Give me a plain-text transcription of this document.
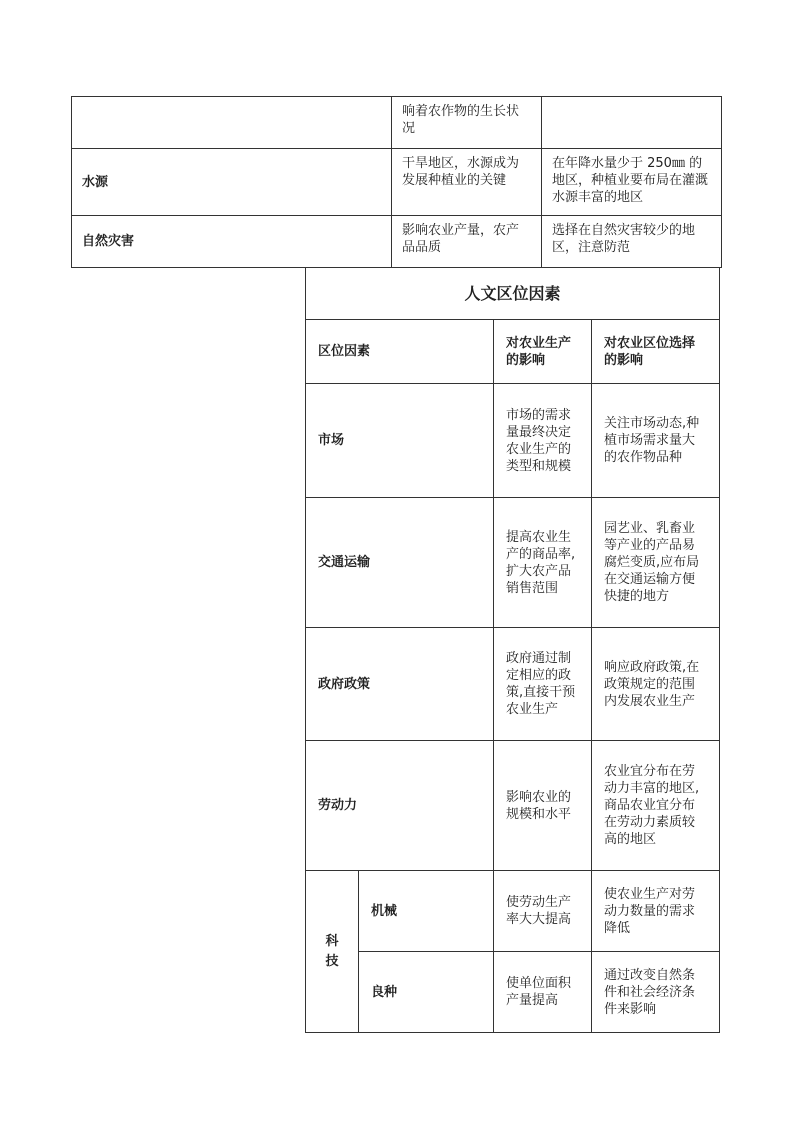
	响着农作物的生长状况	
水源	干旱地区，水源成为发展种植业的关键	在年降水量少于 250㎜ 的地区，种植业要布局在灌溉水源丰富的地区
自然灾害	影响农业产量，农产品品质	选择在自然灾害较少的地区，注意防范
人文区位因素			
区位因素		对农业生产的影响	对农业区位选择的影响
市场		市场的需求量最终决定农业生产的类型和规模	关注市场动态,种植市场需求量大的农作物品种
交通运输		提高农业生产的商品率,扩大农产品销售范围	园艺业、乳畜业等产业的产品易腐烂变质,应布局在交通运输方便快捷的地方
政府政策		政府通过制定相应的政策,直接干预农业生产	响应政府政策,在政策规定的范围内发展农业生产
劳动力		影响农业的规模和水平	农业宜分布在劳动力丰富的地区,商品农业宜分布在劳动力素质较高的地区
科技	机械	使劳动生产率大大提高	使农业生产对劳动力数量的需求降低
	良种	使单位面积产量提高	通过改变自然条件和社会经济条件来影响
